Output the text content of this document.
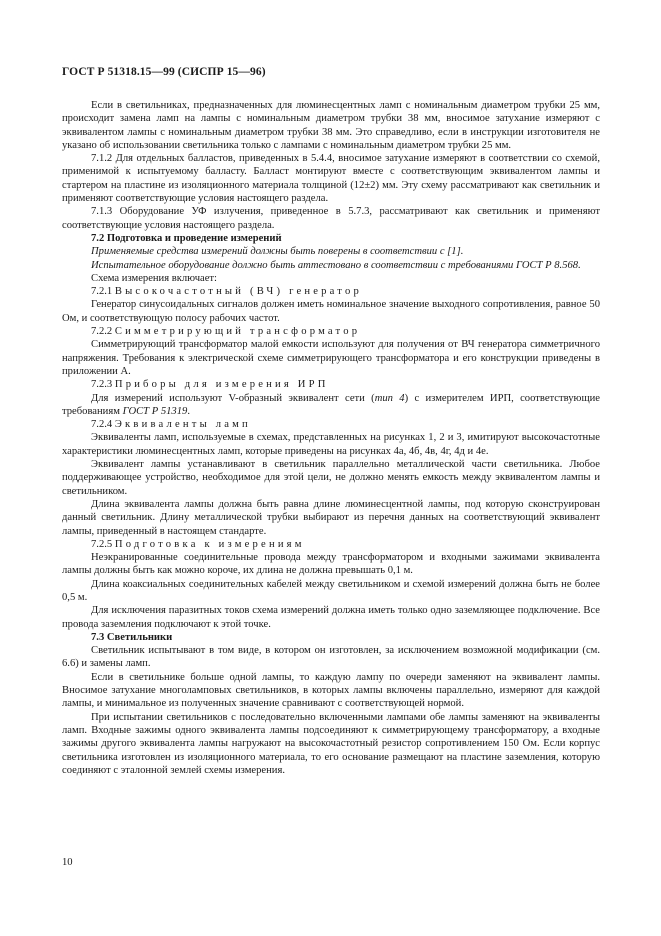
ГОСТ Р 51318.15—99 (СИСПР 15—96)

Если в светильниках, предназначенных для люминесцентных ламп с номинальным диаметром трубки 25 мм, происходит замена ламп на лампы с номинальным диаметром трубки 38 мм, вносимое затухание измеряют с эквивалентом лампы с номинальным диаметром трубки 38 мм. Это справедливо, если в инструкции изготовителя не указано об использовании светильника только с лампами с номинальным диаметром трубки 25 мм.

7.1.2 Для отдельных балластов, приведенных в 5.4.4, вносимое затухание измеряют в соответствии со схемой, применимой к испытуемому балласту. Балласт монтируют вместе с соответствующим эквивалентом лампы и стартером на пластине из изоляционного материала толщиной (12±2) мм. Эту схему рассматривают как светильник и применяют соответствующие условия настоящего раздела.

7.1.3 Оборудование УФ излучения, приведенное в 5.7.3, рассматривают как светильник и применяют соответствующие условия настоящего раздела.

7.2 Подготовка и проведение измерений

Применяемые средства измерений должны быть поверены в соответствии с [1].

Испытательное оборудование должно быть аттестовано в соответствии с требованиями ГОСТ Р 8.568.

Схема измерения включает:

7.2.1 Высокочастотный (ВЧ) генератор

Генератор синусоидальных сигналов должен иметь номинальное значение выходного сопротивления, равное 50 Ом, и соответствующую полосу рабочих частот.

7.2.2 Симметрирующий трансформатор

Симметрирующий трансформатор малой емкости используют для получения от ВЧ генератора симметричного напряжения. Требования к электрической схеме симметрирующего трансформатора и его конструкции приведены в приложении А.

7.2.3 Приборы для измерения ИРП

Для измерений используют V-образный эквивалент сети (тип 4) с измерителем ИРП, соответствующие требованиям ГОСТ Р 51319.

7.2.4 Эквиваленты ламп

Эквиваленты ламп, используемые в схемах, представленных на рисунках 1, 2 и 3, имитируют высокочастотные характеристики люминесцентных ламп, которые приведены на рисунках 4а, 4б, 4в, 4г, 4д и 4е.

Эквивалент лампы устанавливают в светильник параллельно металлической части светильника. Любое поддерживающее устройство, необходимое для этой цели, не должно менять емкость между эквивалентом лампы и светильником.

Длина эквивалента лампы должна быть равна длине люминесцентной лампы, под которую сконструирован данный светильник. Длину металлической трубки выбирают из перечня данных на соответствующий эквивалент лампы, приведенный в настоящем стандарте.

7.2.5 Подготовка к измерениям

Неэкранированные соединительные провода между трансформатором и входными зажимами эквивалента лампы должны быть как можно короче, их длина не должна превышать 0,1 м.

Длина коаксиальных соединительных кабелей между светильником и схемой измерений должна быть не более 0,5 м.

Для исключения паразитных токов схема измерений должна иметь только одно заземляющее подключение. Все провода заземления подключают к этой точке.

7.3 Светильники

Светильник испытывают в том виде, в котором он изготовлен, за исключением возможной модификации (см. 6.6) и замены ламп.

Если в светильнике больше одной лампы, то каждую лампу по очереди заменяют на эквивалент лампы. Вносимое затухание многоламповых светильников, в которых лампы включены параллельно, измеряют для каждой лампы, и минимальное из полученных значение сравнивают с соответствующей нормой.

При испытании светильников с последовательно включенными лампами обе лампы заменяют на эквиваленты ламп. Входные зажимы одного эквивалента лампы подсоединяют к симметрирующему трансформатору, а входные зажимы другого эквивалента лампы нагружают на высокочастотный резистор сопротивлением 150 Ом. Если корпус светильника изготовлен из изоляционного материала, то его основание размещают на пластине заземления, которую соединяют с эталонной землей схемы измерения.

10
